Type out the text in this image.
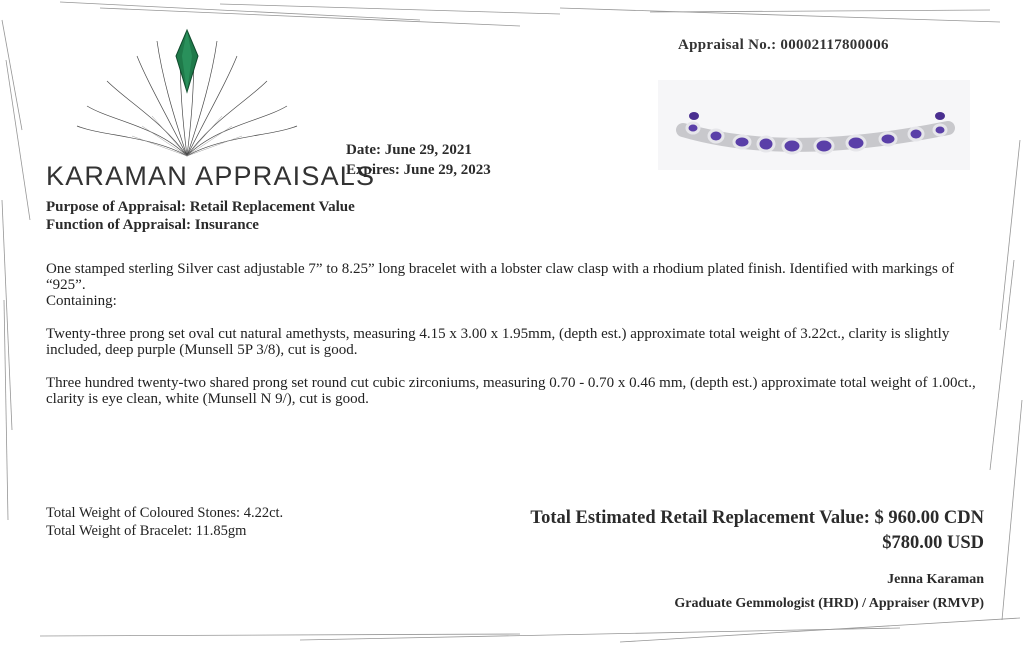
Appraisal No.: 00002117800006
KARAMAN APPRAISALS
Date: June 29, 2021
Expires: June 29, 2023
Purpose of Appraisal: Retail Replacement Value
Function of Appraisal: Insurance
One stamped sterling Silver cast adjustable 7” to 8.25” long bracelet with a lobster claw clasp with a rhodium plated finish. Identified with markings of “925”.
Containing:
Twenty-three prong set oval cut natural amethysts, measuring 4.15 x 3.00 x 1.95mm, (depth est.) approximate total weight of 3.22ct., clarity is slightly included, deep purple (Munsell 5P 3/8), cut is good.
Three hundred twenty-two shared prong set round cut cubic zirconiums, measuring 0.70 - 0.70 x 0.46 mm, (depth est.) approximate total weight of 1.00ct., clarity is eye clean, white (Munsell N 9/), cut is good.
Total Weight of Coloured Stones: 4.22ct.
Total Weight of Bracelet: 11.85gm
Total Estimated Retail Replacement Value: $ 960.00 CDN
$780.00 USD
Jenna Karaman
Graduate Gemmologist (HRD) / Appraiser (RMVP)
